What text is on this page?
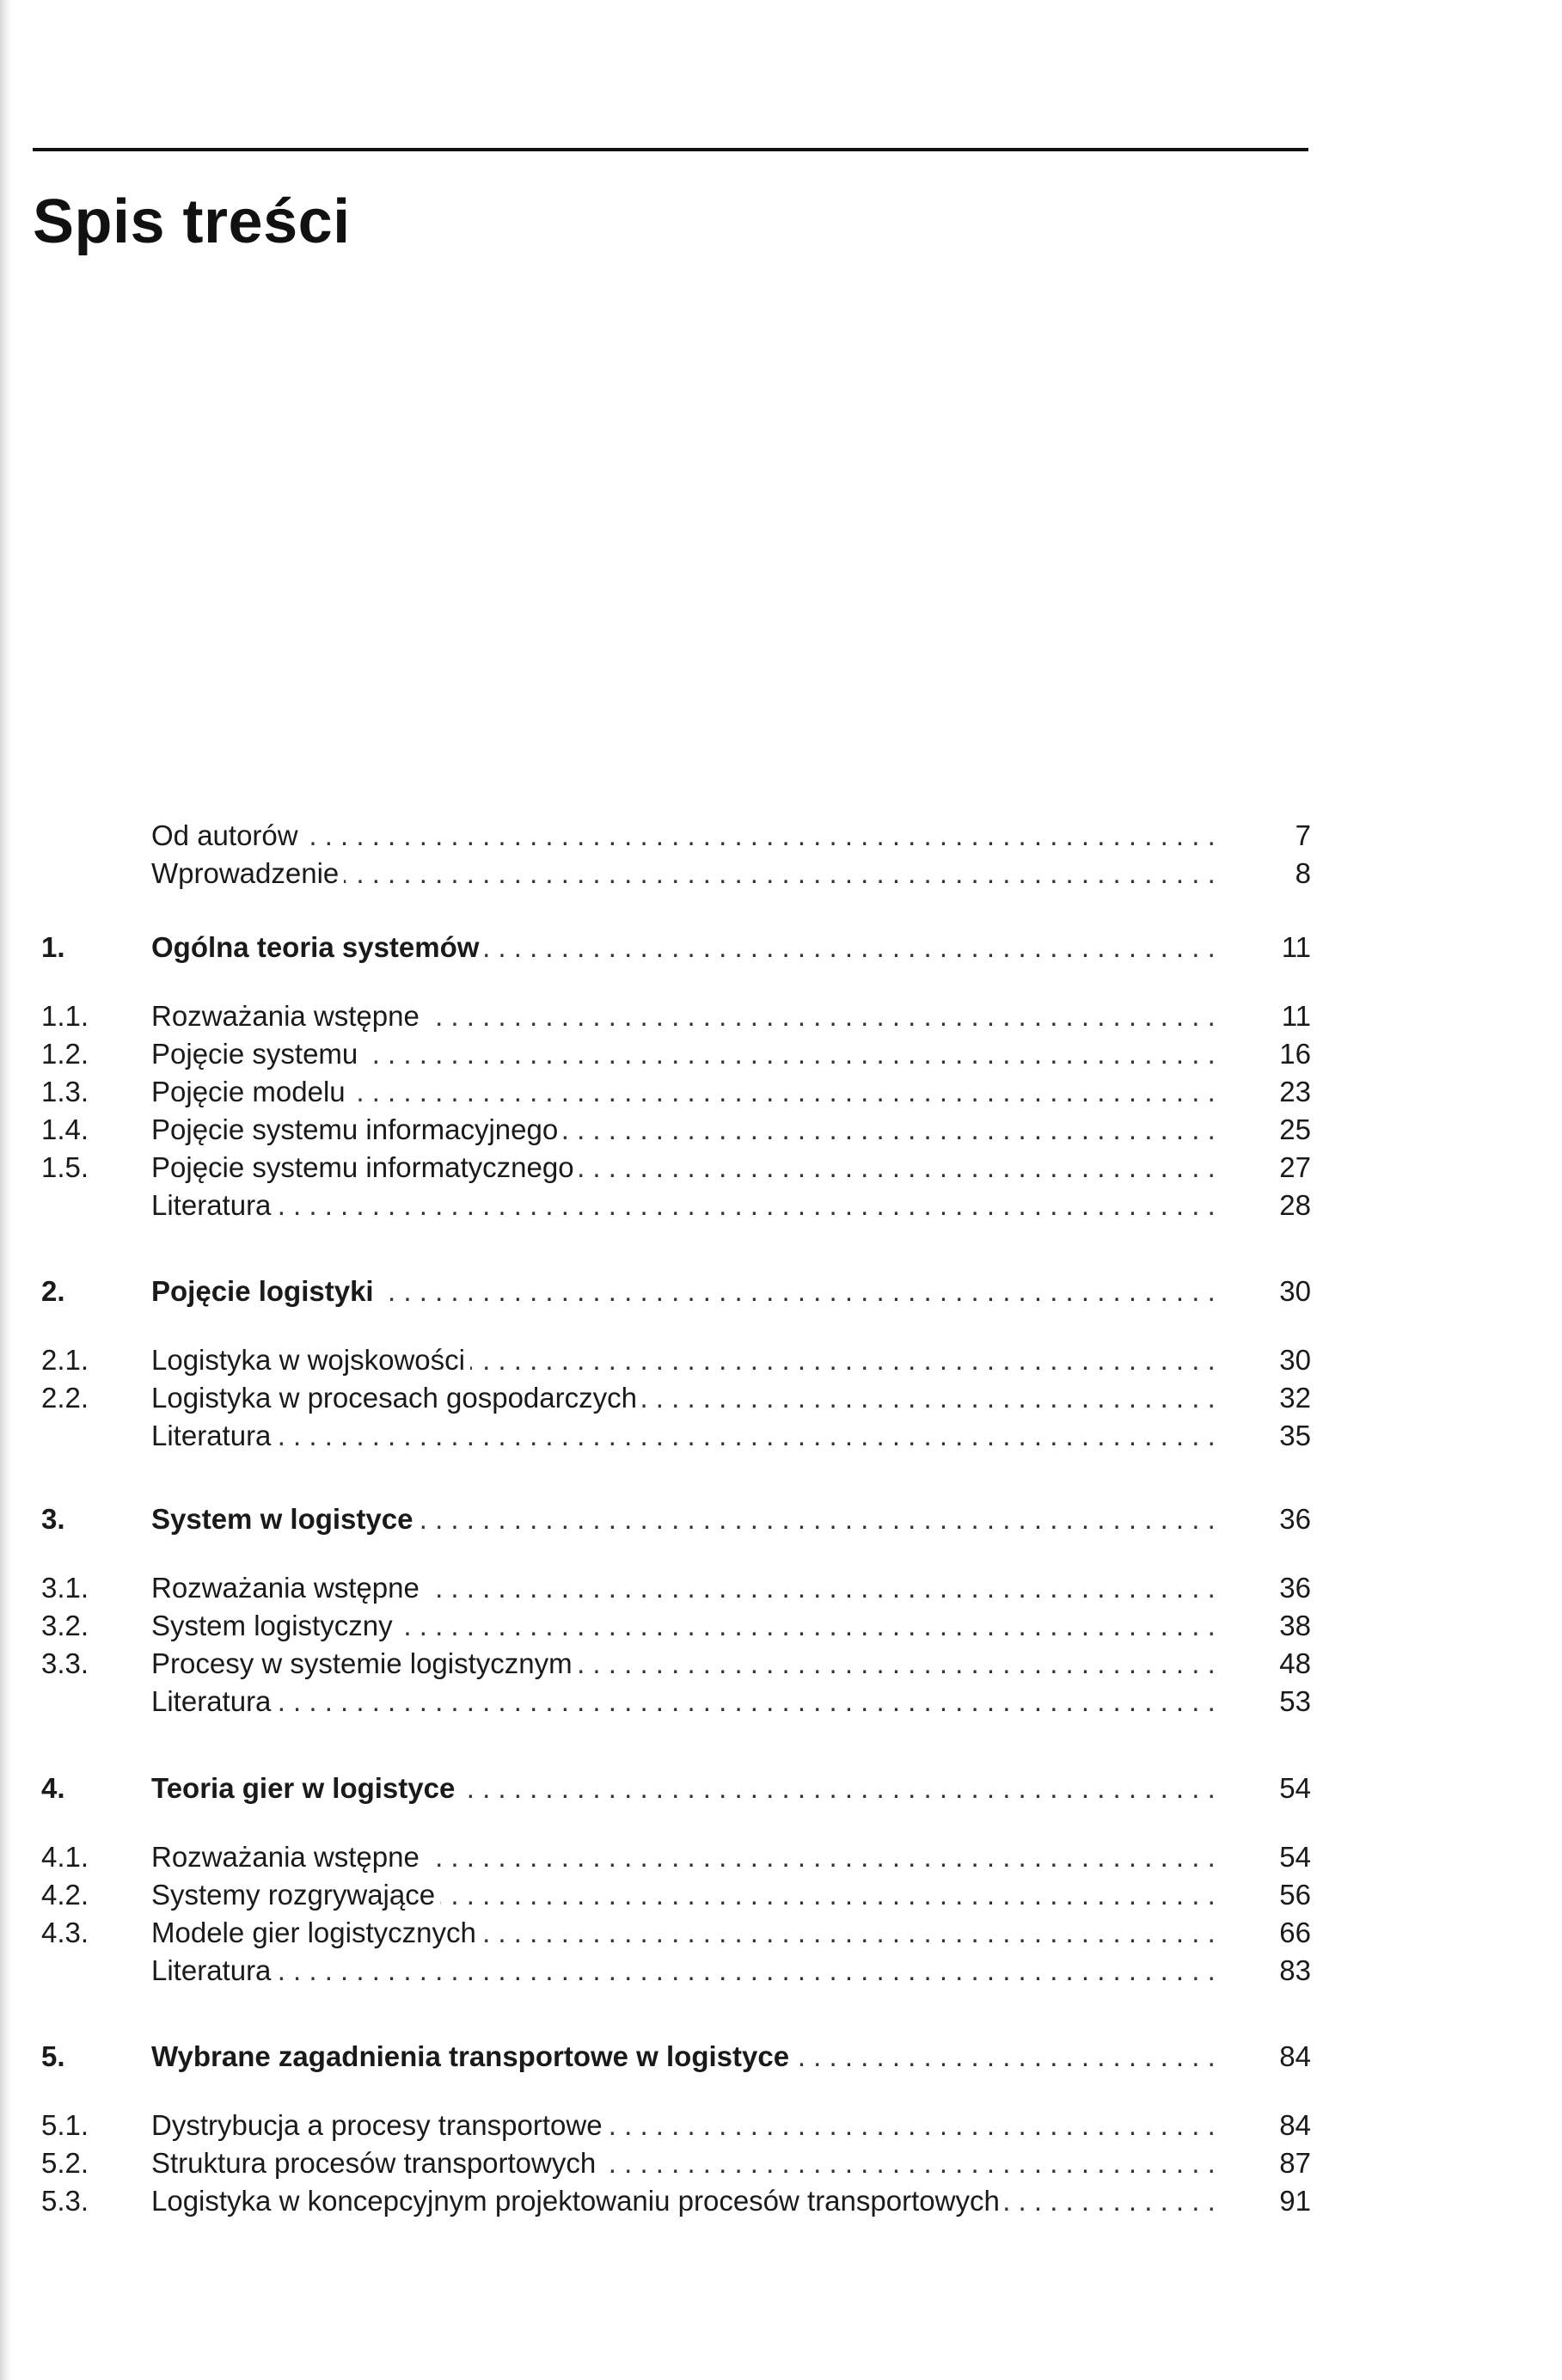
Spis treści
Od autorów . . .	7
Wprowadzenie . . .	8
1.	Ogólna teoria systemów . . .	11
1.1. Rozważania wstępne . . .	11
1.2. Pojęcie systemu . . .	16
1.3. Pojęcie modelu . . .	23
1.4. Pojęcie systemu informacyjnego . . .	25
1.5. Pojęcie systemu informatycznego . . .	27
Literatura . . .	28
2.	Pojęcie logistyki . . .	30
2.1. Logistyka w wojskowości . . .	30
2.2. Logistyka w procesach gospodarczych . . .	32
Literatura . . .	35
3.	System w logistyce . . .	36
3.1. Rozważania wstępne . . .	36
3.2. System logistyczny . . .	38
3.3. Procesy w systemie logistycznym . . .	48
Literatura . . .	53
4.	Teoria gier w logistyce . . .	54
4.1. Rozważania wstępne . . .	54
4.2. Systemy rozgrywające . . .	56
4.3. Modele gier logistycznych . . .	66
Literatura . . .	83
5.	Wybrane zagadnienia transportowe w logistyce . . .	84
5.1. Dystrybucja a procesy transportowe . . .	84
5.2. Struktura procesów transportowych . . .	87
5.3. Logistyka w koncepcyjnym projektowaniu procesów transportowych . . .	91
